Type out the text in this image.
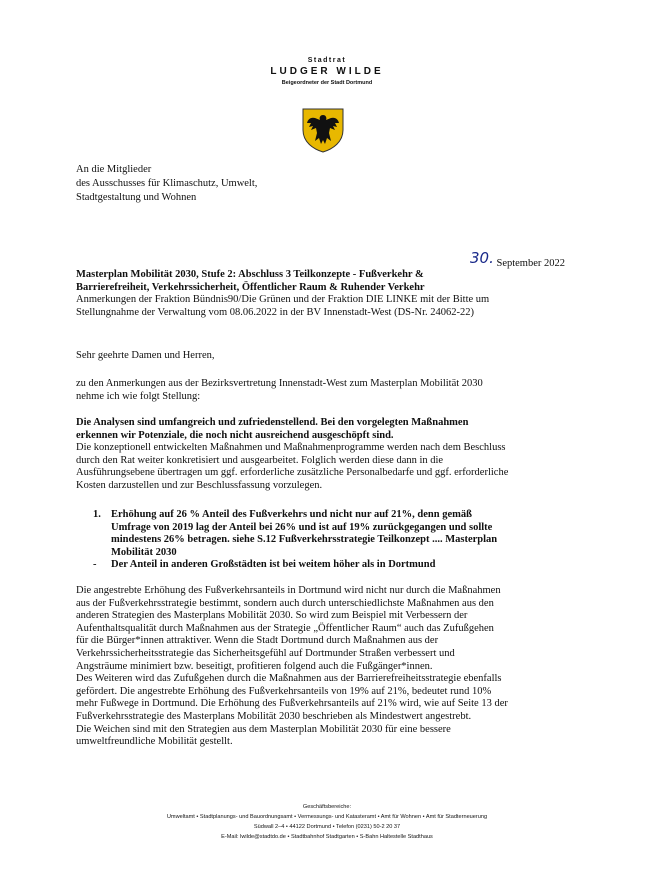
Stadtrat
LUDGER WILDE
Beigeordneter der Stadt Dortmund
An die Mitglieder
des Ausschusses für Klimaschutz, Umwelt,
Stadtgestaltung und Wohnen
30. September 2022
Masterplan Mobilität 2030, Stufe 2: Abschluss 3 Teilkonzepte - Fußverkehr &
Barrierefreiheit, Verkehrssicherheit, Öffentlicher Raum & Ruhender Verkehr
Anmerkungen der Fraktion Bündnis90/Die Grünen und der Fraktion DIE LINKE mit der Bitte um
Stellungnahme der Verwaltung vom 08.06.2022 in der BV Innenstadt-West (DS-Nr. 24062-22)
Sehr geehrte Damen und Herren,
zu den Anmerkungen aus der Bezirksvertretung Innenstadt-West zum Masterplan Mobilität 2030
nehme ich wie folgt Stellung:
Die Analysen sind umfangreich und zufriedenstellend. Bei den vorgelegten Maßnahmen
erkennen wir Potenziale, die noch nicht ausreichend ausgeschöpft sind.
Die konzeptionell entwickelten Maßnahmen und Maßnahmenprogramme werden nach dem Beschluss
durch den Rat weiter konkretisiert und ausgearbeitet. Folglich werden diese dann in die
Ausführungsebene übertragen um ggf. erforderliche zusätzliche Personalbedarfe und ggf. erforderliche
Kosten darzustellen und zur Beschlussfassung vorzulegen.
1. Erhöhung auf 26 % Anteil des Fußverkehrs und nicht nur auf 21%, denn gemäß
Umfrage von 2019 lag der Anteil bei 26% und ist auf 19% zurückgegangen und sollte
mindestens 26% betragen. siehe S.12 Fußverkehrsstrategie Teilkonzept .... Masterplan
Mobilität 2030
- Der Anteil in anderen Großstädten ist bei weitem höher als in Dortmund
Die angestrebte Erhöhung des Fußverkehrsanteils in Dortmund wird nicht nur durch die Maßnahmen
aus der Fußverkehrsstrategie bestimmt, sondern auch durch unterschiedlichste Maßnahmen aus den
anderen Strategien des Masterplans Mobilität 2030. So wird zum Beispiel mit Verbessern der
Aufenthaltsqualität durch Maßnahmen aus der Strategie „Öffentlicher Raum“ auch das Zufußgehen
für die Bürger*innen attraktiver. Wenn die Stadt Dortmund durch Maßnahmen aus der
Verkehrssicherheitsstrategie das Sicherheitsgefühl auf Dortmunder Straßen verbessert und
Angsträume minimiert bzw. beseitigt, profitieren folgend auch die Fußgänger*innen.
Des Weiteren wird das Zufußgehen durch die Maßnahmen aus der Barrierefreiheitsstrategie ebenfalls
gefördert. Die angestrebte Erhöhung des Fußverkehrsanteils von 19% auf 21%, bedeutet rund 10%
mehr Fußwege in Dortmund. Die Erhöhung des Fußverkehrsanteils auf 21% wird, wie auf Seite 13 der
Fußverkehrsstrategie des Masterplans Mobilität 2030 beschrieben als Mindestwert angestrebt.
Die Weichen sind mit den Strategien aus dem Masterplan Mobilität 2030 für eine bessere
umweltfreundliche Mobilität gestellt.
Geschäftsbereiche:
Umweltamt • Stadtplanungs- und Bauordnungsamt • Vermessungs- und Katasteramt • Amt für Wohnen • Amt für Stadterneuerung
Südwall 2–4 • 44122 Dortmund • Telefon (0231) 50-2 20 37
E-Mail: lwilde@stadtdo.de • Stadtbahnhof Stadtgarten • S-Bahn Haltestelle Stadthaus
